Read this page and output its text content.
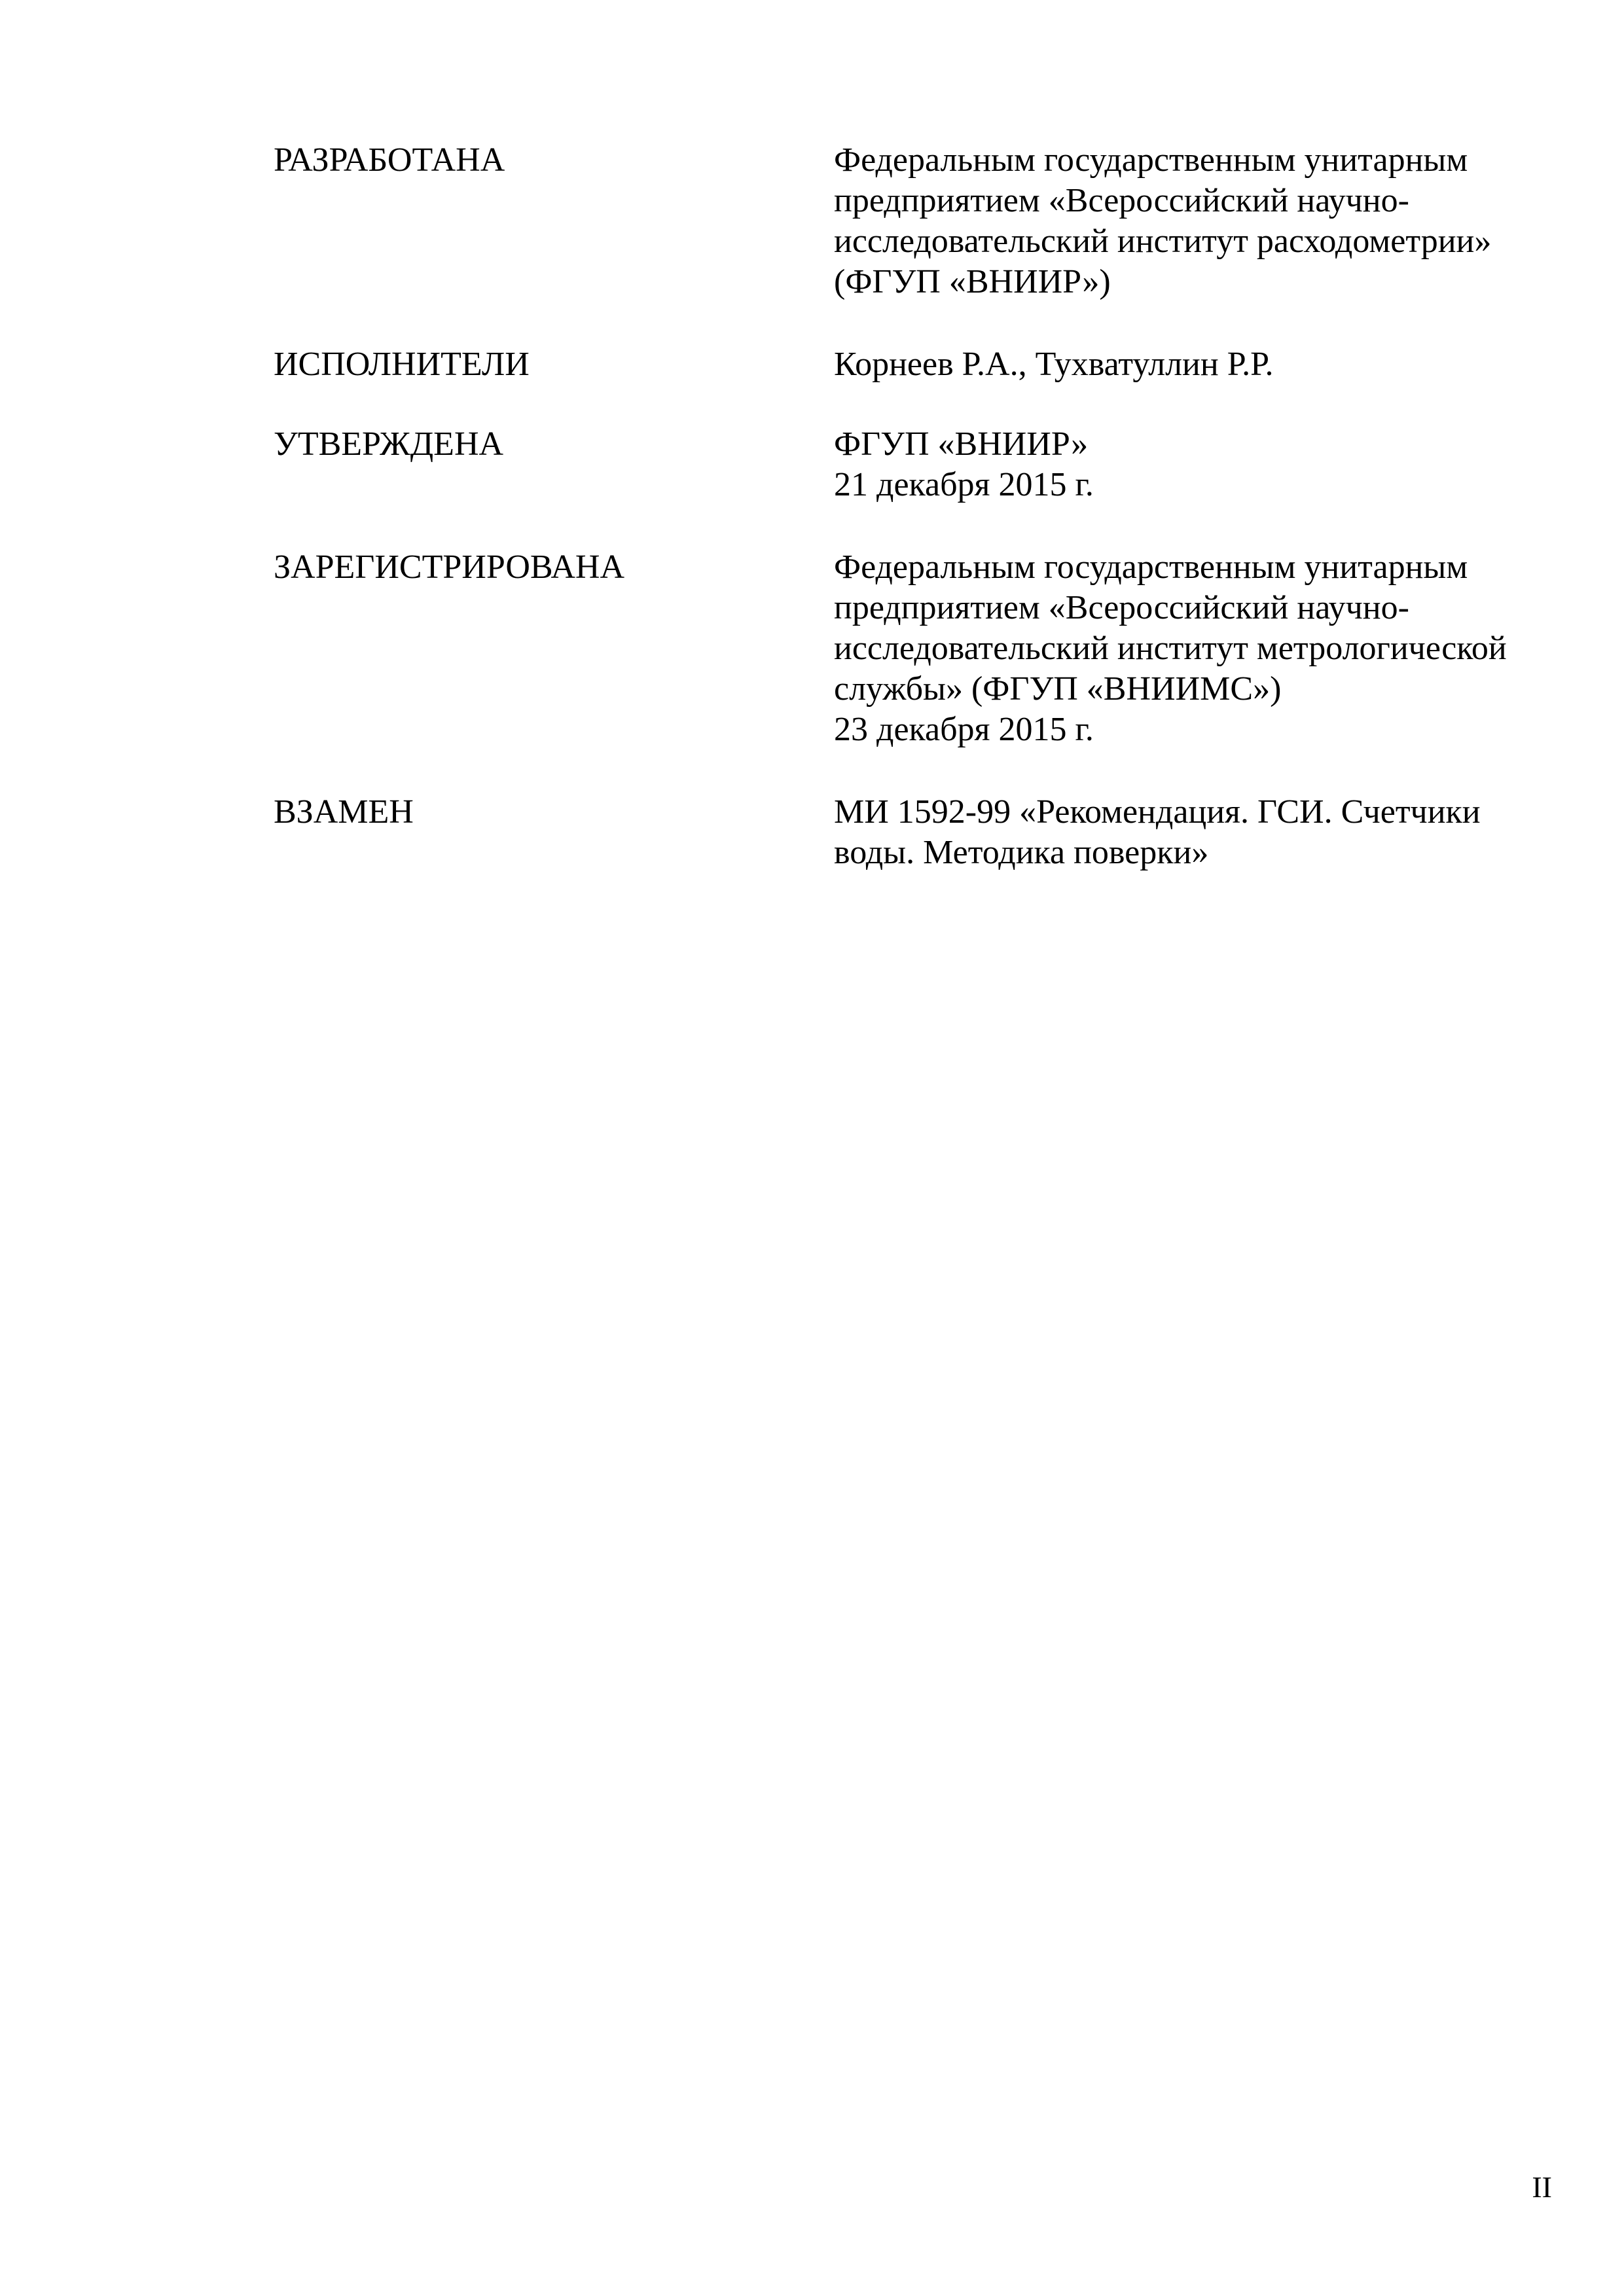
РАЗРАБОТАНА	Федеральным государственным унитарным
предприятием «Всероссийский научно-
исследовательский институт расходометрии»
(ФГУП «ВНИИР»)
ИСПОЛНИТЕЛИ	Корнеев Р.А., Тухватуллин Р.Р.
УТВЕРЖДЕНА	ФГУП «ВНИИР»
21 декабря 2015 г.
ЗАРЕГИСТРИРОВАНА	Федеральным государственным унитарным
предприятием «Всероссийский научно-
исследовательский институт метрологической
службы» (ФГУП «ВНИИМС»)
23 декабря 2015 г.
ВЗАМЕН	МИ 1592-99 «Рекомендация. ГСИ. Счетчики
воды. Методика поверки»
II
